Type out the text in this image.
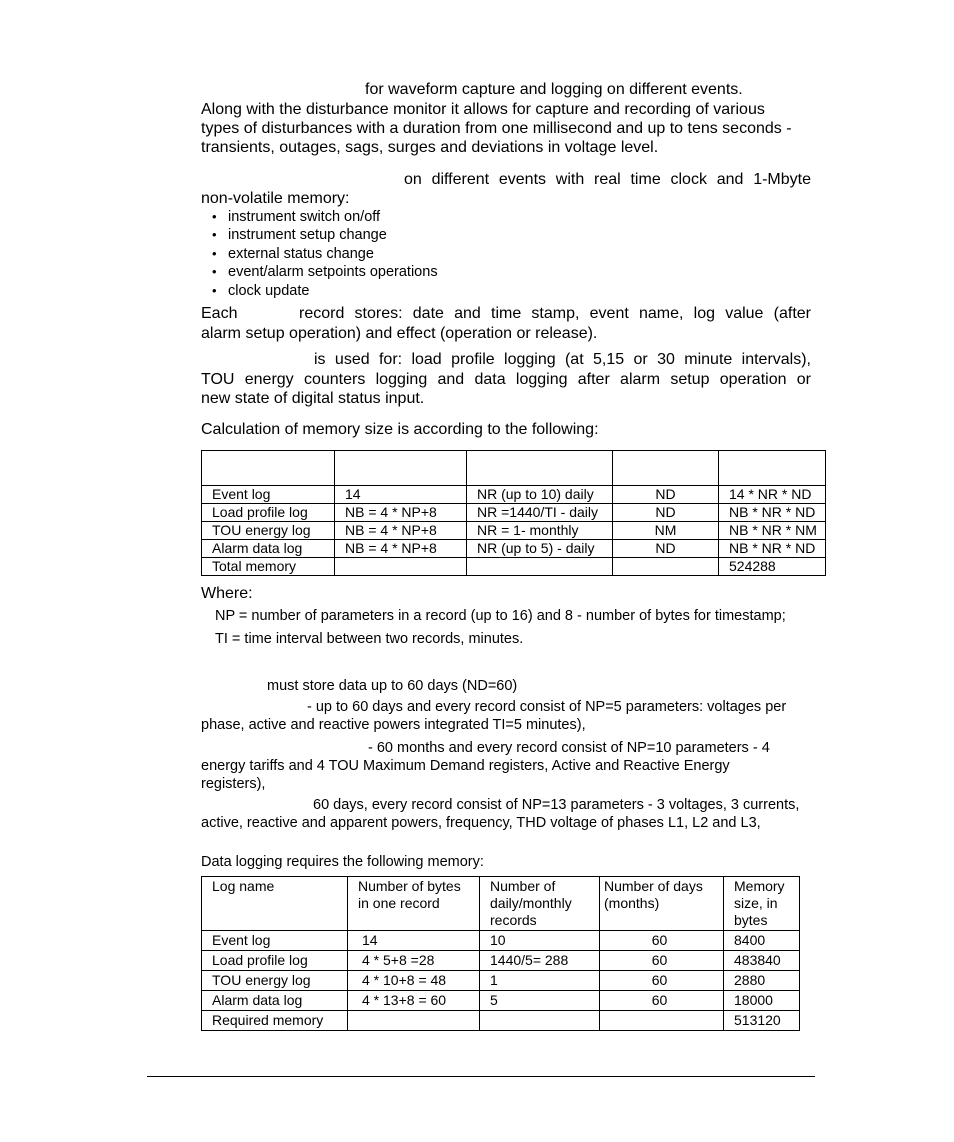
for waveform capture and logging on different events.

Along with the disturbance monitor it allows for capture and recording of various types of disturbances with a duration from one millisecond and up to tens seconds - transients, outages, sags, surges and deviations in voltage level.

on different events with real time clock and 1-Mbyte

non-volatile memory:

• instrument switch on/off
• instrument setup change
• external status change
• event/alarm setpoints operations
• clock update

Each	record stores: date and time stamp, event name, log value (after

alarm setup operation) and effect (operation or release).

is used for: load profile logging (at 5,15 or 30 minute intervals),

TOU energy counters logging and data logging after alarm setup operation or

new state of digital status input.

Calculation of memory size is according to the following:

Event log	14	NR (up to 10) daily	ND	14 * NR * ND
Load profile log	NB = 4 * NP+8	NR =1440/TI - daily	ND	NB * NR * ND
TOU energy log	NB = 4 * NP+8	NR = 1- monthly	NM	NB * NR * NM
Alarm data log	NB = 4 * NP+8	NR (up to 5) - daily	ND	NB * NR * ND
Total memory				524288

Where:

NP = number of parameters in a record (up to 16) and 8 - number of bytes for timestamp;

TI = time interval between two records, minutes.

must store data up to 60 days (ND=60)

- up to 60 days and every record consist of NP=5 parameters: voltages per phase, active and reactive powers integrated TI=5 minutes),

- 60 months and every record consist of NP=10 parameters - 4 energy tariffs and 4 TOU Maximum Demand registers, Active and Reactive Energy registers),

60 days, every record consist of NP=13 parameters - 3 voltages, 3 currents, active, reactive and apparent powers, frequency, THD voltage of phases L1, L2 and L3,

Data logging requires the following memory:

Log name	Number of bytes in one record	Number of daily/monthly records	Number of days (months)	Memory size, in bytes
Event log	14	10	60	8400
Load profile log	4 * 5+8 =28	1440/5= 288	60	483840
TOU energy log	4 * 10+8 = 48	1	60	2880
Alarm data log	4 * 13+8 = 60	5	60	18000
Required memory				513120
